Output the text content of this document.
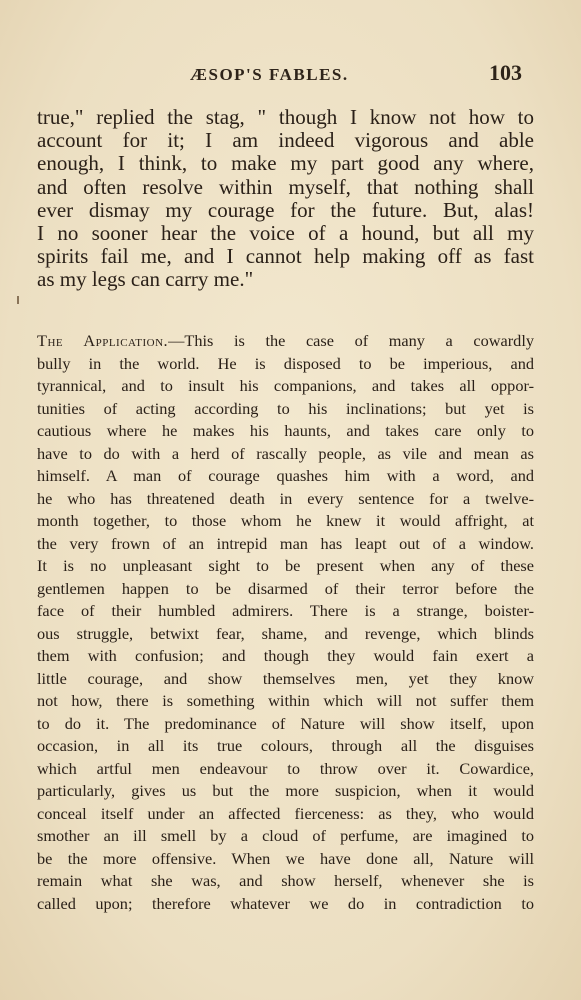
ÆSOP'S FABLES.	103

true," replied the stag, " though I know not how to
account for it; I am indeed vigorous and able
enough, I think, to make my part good any where,
and often resolve within myself, that nothing shall
ever dismay my courage for the future. But, alas!
I no sooner hear the voice of a hound, but all my
spirits fail me, and I cannot help making off as fast
as my legs can carry me."

The Application.—This is the case of many a cowardly
bully in the world. He is disposed to be imperious, and
tyrannical, and to insult his companions, and takes all oppor-
tunities of acting according to his inclinations; but yet is
cautious where he makes his haunts, and takes care only to
have to do with a herd of rascally people, as vile and mean as
himself. A man of courage quashes him with a word, and
he who has threatened death in every sentence for a twelve-
month together, to those whom he knew it would affright, at
the very frown of an intrepid man has leapt out of a window.
It is no unpleasant sight to be present when any of these
gentlemen happen to be disarmed of their terror before the
face of their humbled admirers. There is a strange, boister-
ous struggle, betwixt fear, shame, and revenge, which blinds
them with confusion; and though they would fain exert a
little courage, and show themselves men, yet they know
not how, there is something within which will not suffer them
to do it. The predominance of Nature will show itself, upon
occasion, in all its true colours, through all the disguises
which artful men endeavour to throw over it. Cowardice,
particularly, gives us but the more suspicion, when it would
conceal itself under an affected fierceness: as they, who would
smother an ill smell by a cloud of perfume, are imagined to
be the more offensive. When we have done all, Nature will
remain what she was, and show herself, whenever she is
called upon; therefore whatever we do in contradiction to
